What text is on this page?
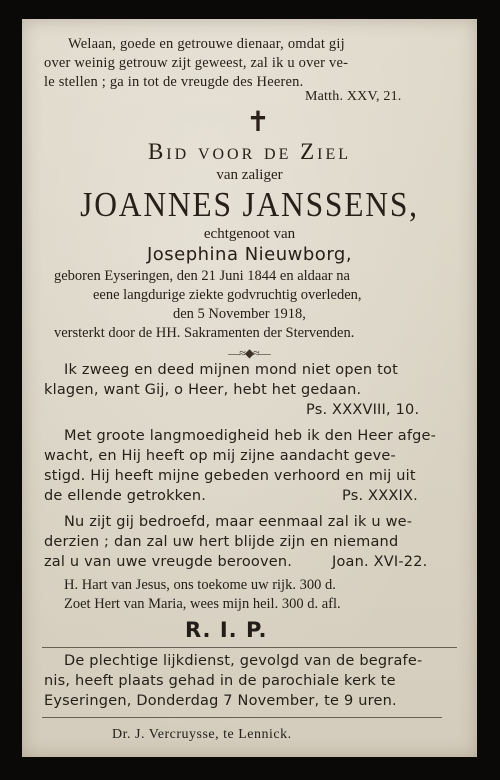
Welaan, goede en getrouwe dienaar, omdat gij
over weinig getrouw zijt geweest, zal ik u over ve-
le stellen ; ga in tot de vreugde des Heeren.
Matth. XXV, 21.
✝
Bid voor de Ziel
van zaliger
JOANNES JANSSENS,
echtgenoot van
Josephina Nieuwborg,
geboren Eyseringen, den 21 Juni 1844 en aldaar na
eene langdurige ziekte godvruchtig overleden,
den 5 November 1918,
versterkt door de HH. Sakramenten der Stervenden.
—≈◆≈—
Ik zweeg en deed mijnen mond niet open tot
klagen, want Gij, o Heer, hebt het gedaan.
Ps. XXXVIII, 10.
Met groote langmoedigheid heb ik den Heer afge-
wacht, en Hij heeft op mij zijne aandacht geve-
stigd. Hij heeft mijne gebeden verhoord en mij uit
de ellende getrokken.	Ps. XXXIX.
Nu zijt gij bedroefd, maar eenmaal zal ik u we-
derzien ; dan zal uw hert blijde zijn en niemand
zal u van uwe vreugde berooven.	Joan. XVI-22.
H. Hart van Jesus, ons toekome uw rijk. 300 d.
Zoet Hert van Maria, wees mijn heil. 300 d. afl.
R. I. P.
De plechtige lijkdienst, gevolgd van de begrafe-
nis, heeft plaats gehad in de parochiale kerk te
Eyseringen, Donderdag 7 November, te 9 uren.
Dr. J. Vercruysse, te Lennick.
